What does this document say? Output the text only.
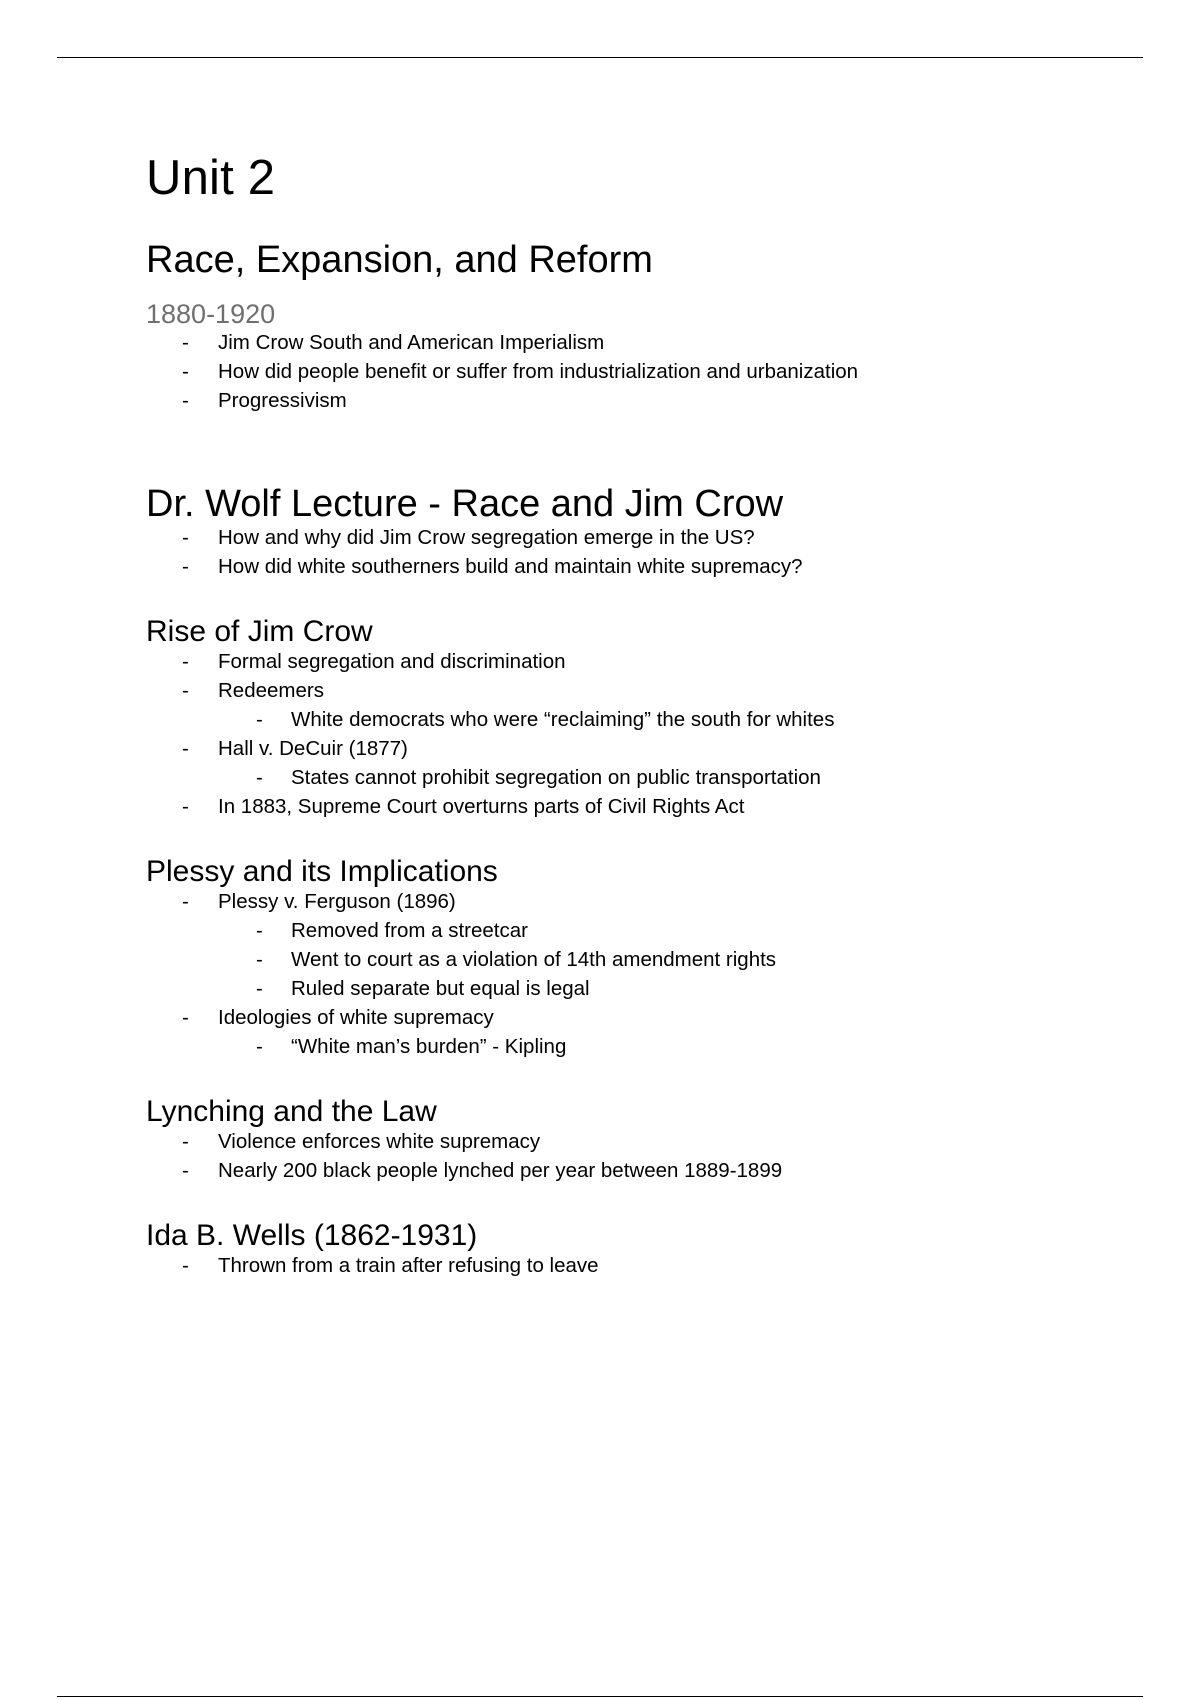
Unit 2
Race, Expansion, and Reform
1880-1920
- Jim Crow South and American Imperialism
- How did people benefit or suffer from industrialization and urbanization
- Progressivism
Dr. Wolf Lecture - Race and Jim Crow
- How and why did Jim Crow segregation emerge in the US?
- How did white southerners build and maintain white supremacy?
Rise of Jim Crow
- Formal segregation and discrimination
- Redeemers
- White democrats who were “reclaiming” the south for whites
- Hall v. DeCuir (1877)
- States cannot prohibit segregation on public transportation
- In 1883, Supreme Court overturns parts of Civil Rights Act
Plessy and its Implications
- Plessy v. Ferguson (1896)
- Removed from a streetcar
- Went to court as a violation of 14th amendment rights
- Ruled separate but equal is legal
- Ideologies of white supremacy
- “White man’s burden” - Kipling
Lynching and the Law
- Violence enforces white supremacy
- Nearly 200 black people lynched per year between 1889-1899
Ida B. Wells (1862-1931)
- Thrown from a train after refusing to leave
